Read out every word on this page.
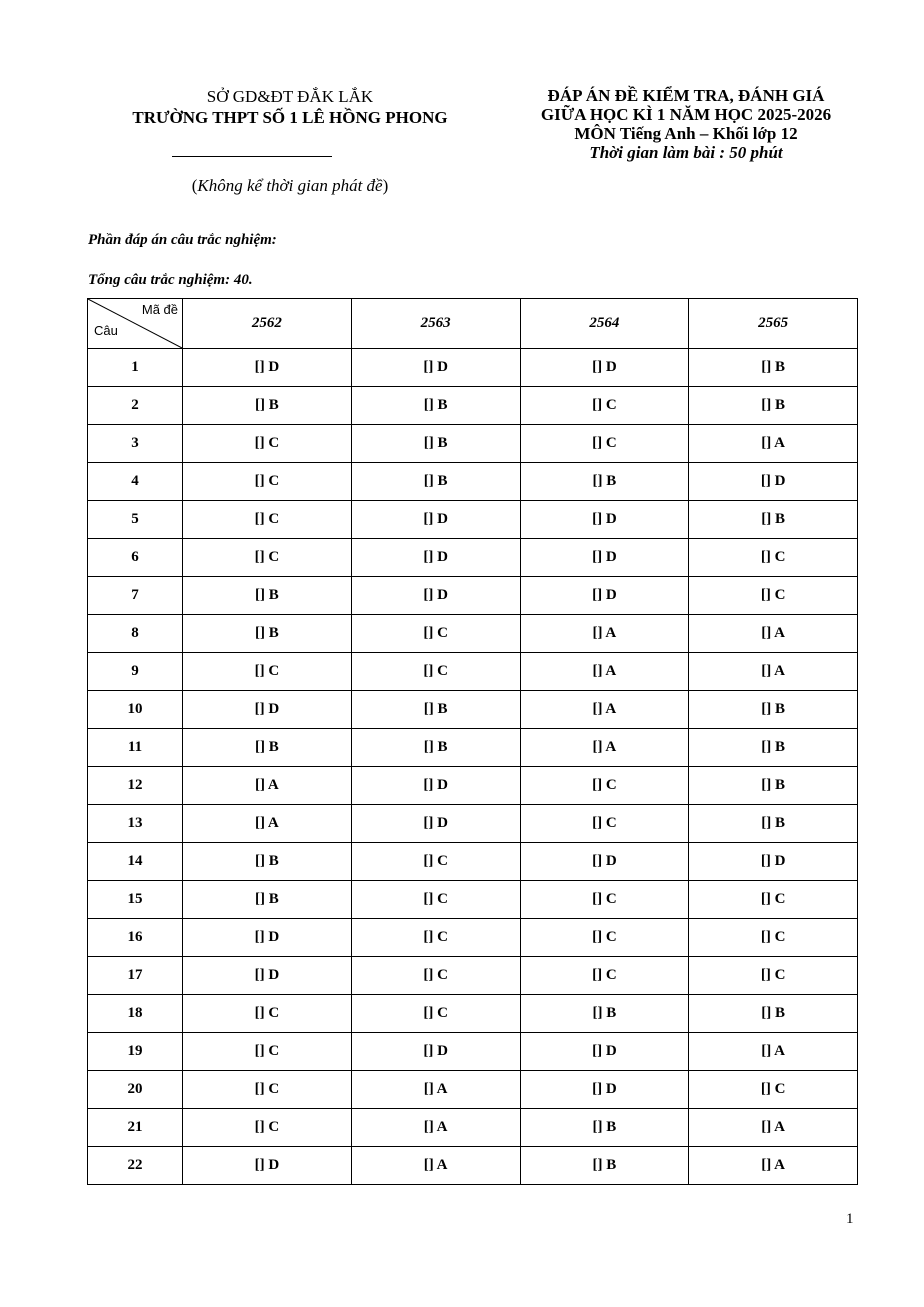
SỞ GD&ĐT ĐẮK LẮK
TRƯỜNG THPT SỐ 1 LÊ HỒNG PHONG
(Không kể thời gian phát đề)
ĐÁP ÁN ĐỀ KIỂM TRA, ĐÁNH GIÁ
GIỮA HỌC KÌ 1 NĂM HỌC 2025-2026
MÔN Tiếng Anh – Khối lớp 12
Thời gian làm bài : 50 phút
Phần đáp án câu trắc nghiệm:
Tổng câu trắc nghiệm: 40.
Mã đề
Câu	2562	2563	2564	2565
1	[] D	[] D	[] D	[] B
2	[] B	[] B	[] C	[] B
3	[] C	[] B	[] C	[] A
4	[] C	[] B	[] B	[] D
5	[] C	[] D	[] D	[] B
6	[] C	[] D	[] D	[] C
7	[] B	[] D	[] D	[] C
8	[] B	[] C	[] A	[] A
9	[] C	[] C	[] A	[] A
10	[] D	[] B	[] A	[] B
11	[] B	[] B	[] A	[] B
12	[] A	[] D	[] C	[] B
13	[] A	[] D	[] C	[] B
14	[] B	[] C	[] D	[] D
15	[] B	[] C	[] C	[] C
16	[] D	[] C	[] C	[] C
17	[] D	[] C	[] C	[] C
18	[] C	[] C	[] B	[] B
19	[] C	[] D	[] D	[] A
20	[] C	[] A	[] D	[] C
21	[] C	[] A	[] B	[] A
22	[] D	[] A	[] B	[] A
1
